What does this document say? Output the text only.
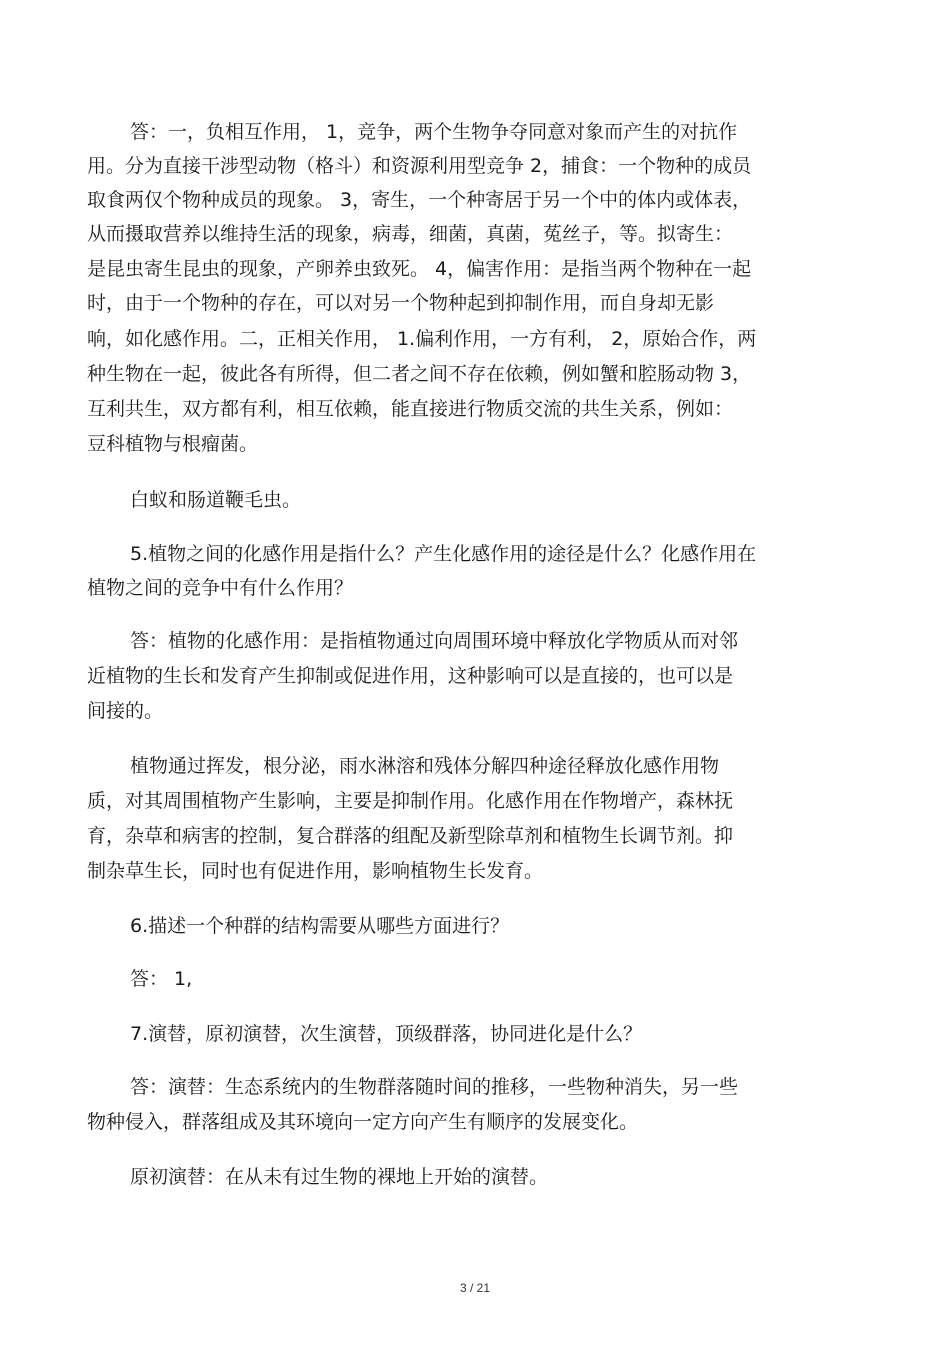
答：一，负相互作用， 1，竞争，两个生物争夺同意对象而产生的对抗作
用。分为直接干涉型动物（格斗）和资源利用型竞争 2，捕食：一个物种的成员
取食两仅个物种成员的现象。 3，寄生，一个种寄居于另一个中的体内或体表，
从而摄取营养以维持生活的现象，病毒，细菌，真菌，菟丝子，等。拟寄生：
是昆虫寄生昆虫的现象，产卵养虫致死。 4，偏害作用：是指当两个物种在一起
时，由于一个物种的存在，可以对另一个物种起到抑制作用，而自身却无影
响，如化感作用。二，正相关作用， 1.偏利作用，一方有利， 2，原始合作，两
种生物在一起，彼此各有所得，但二者之间不存在依赖，例如蟹和腔肠动物 3，
互利共生，双方都有利，相互依赖，能直接进行物质交流的共生关系，例如：
豆科植物与根瘤菌。
白蚁和肠道鞭毛虫。
5.植物之间的化感作用是指什么？产生化感作用的途径是什么？化感作用在
植物之间的竞争中有什么作用？
答：植物的化感作用：是指植物通过向周围环境中释放化学物质从而对邻
近植物的生长和发育产生抑制或促进作用，这种影响可以是直接的，也可以是
间接的。
植物通过挥发，根分泌，雨水淋溶和残体分解四种途径释放化感作用物
质，对其周围植物产生影响，主要是抑制作用。化感作用在作物增产，森林抚
育，杂草和病害的控制，复合群落的组配及新型除草剂和植物生长调节剂。抑
制杂草生长，同时也有促进作用，影响植物生长发育。
6.描述一个种群的结构需要从哪些方面进行？
答： 1,
7.演替，原初演替，次生演替，顶级群落，协同进化是什么？
答：演替：生态系统内的生物群落随时间的推移，一些物种消失，另一些
物种侵入，群落组成及其环境向一定方向产生有顺序的发展变化。
原初演替：在从未有过生物的裸地上开始的演替。
3 / 21
